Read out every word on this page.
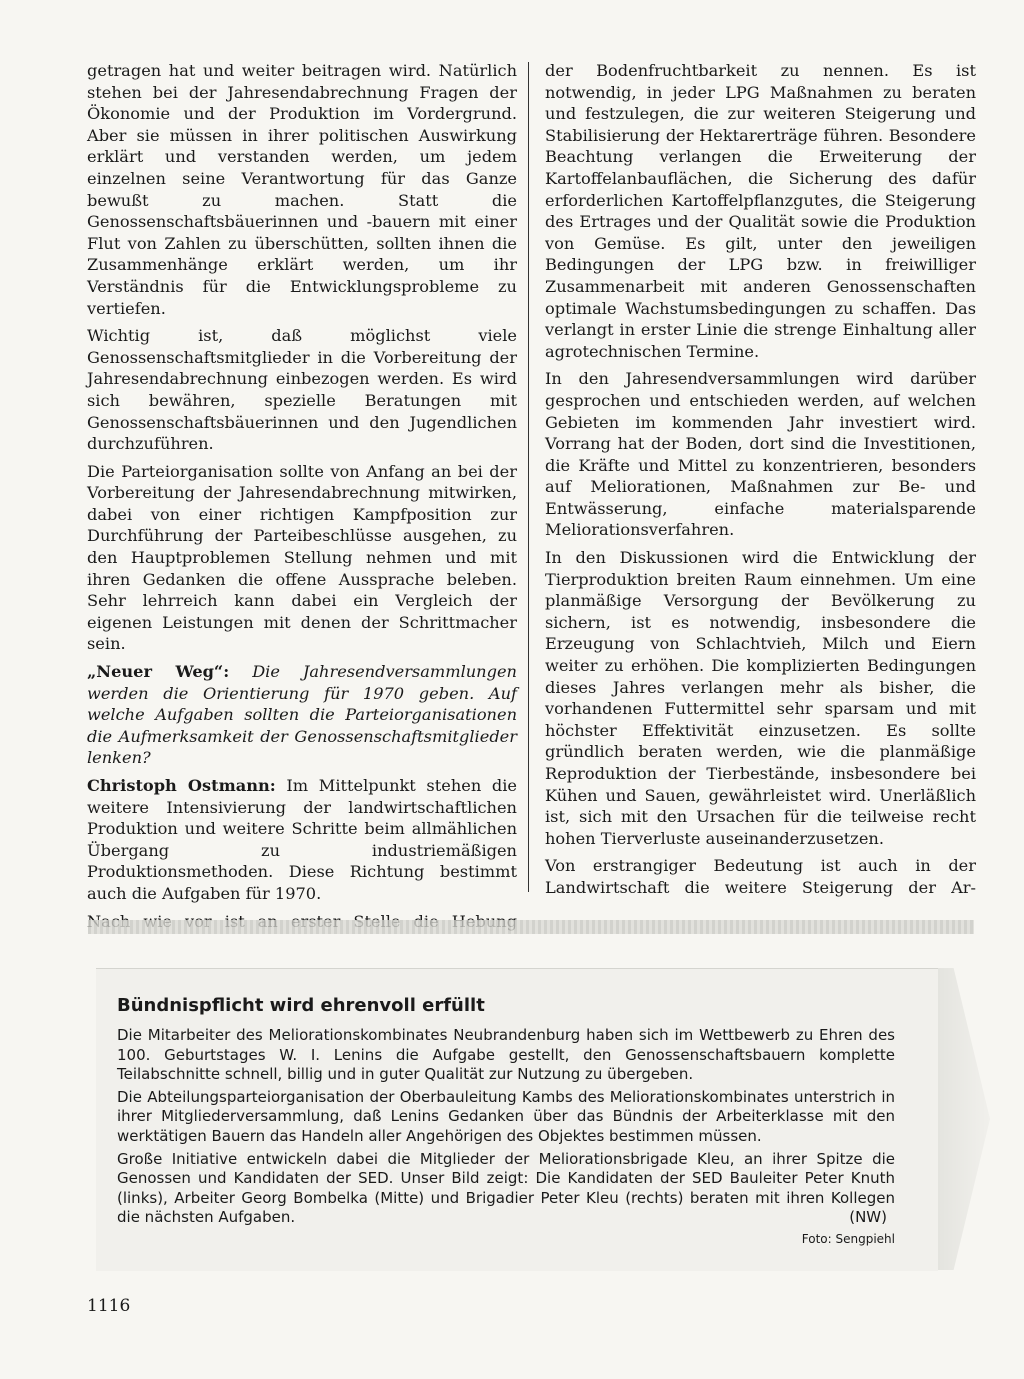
getragen hat und weiter beitragen wird. Natürlich stehen bei der Jahresendabrechnung Fragen der Ökonomie und der Produktion im Vordergrund. Aber sie müssen in ihrer politischen Auswirkung erklärt und verstanden werden, um jedem einzelnen seine Verantwortung für das Ganze bewußt zu machen. Statt die Genossenschaftsbäuerinnen und -bauern mit einer Flut von Zahlen zu überschütten, sollten ihnen die Zusammenhänge erklärt werden, um ihr Verständnis für die Entwicklungsprobleme zu vertiefen.

Wichtig ist, daß möglichst viele Genossenschaftsmitglieder in die Vorbereitung der Jahresendabrechnung einbezogen werden. Es wird sich bewähren, spezielle Beratungen mit Genossenschaftsbäuerinnen und den Jugendlichen durchzuführen.

Die Parteiorganisation sollte von Anfang an bei der Vorbereitung der Jahresendabrechnung mitwirken, dabei von einer richtigen Kampfposition zur Durchführung der Parteibeschlüsse ausgehen, zu den Hauptproblemen Stellung nehmen und mit ihren Gedanken die offene Aussprache beleben. Sehr lehrreich kann dabei ein Vergleich der eigenen Leistungen mit denen der Schrittmacher sein.

„Neuer Weg“: Die Jahresendversammlungen werden die Orientierung für 1970 geben. Auf welche Aufgaben sollten die Parteiorganisationen die Aufmerksamkeit der Genossenschaftsmitglieder lenken?

Christoph Ostmann: Im Mittelpunkt stehen die weitere Intensivierung der landwirtschaftlichen Produktion und weitere Schritte beim allmählichen Übergang zu industriemäßigen Produktionsmethoden. Diese Richtung bestimmt auch die Aufgaben für 1970.

der Bodenfruchtbarkeit zu nennen. Es ist notwendig, in jeder LPG Maßnahmen zu beraten und festzulegen, die zur weiteren Steigerung und Stabilisierung der Hektarerträge führen. Besondere Beachtung verlangen die Erweiterung der Kartoffelanbauflächen, die Sicherung des dafür erforderlichen Kartoffelpflanzgutes, die Steigerung des Ertrages und der Qualität sowie die Produktion von Gemüse. Es gilt, unter den jeweiligen Bedingungen der LPG bzw. in freiwilliger Zusammenarbeit mit anderen Genossenschaften optimale Wachstumsbedingungen zu schaffen. Das verlangt in erster Linie die strenge Einhaltung aller agrotechnischen Termine.

In den Jahresendversammlungen wird darüber gesprochen und entschieden werden, auf welchen Gebieten im kommenden Jahr investiert wird. Vorrang hat der Boden, dort sind die Investitionen, die Kräfte und Mittel zu konzentrieren, besonders auf Meliorationen, Maßnahmen zur Be- und Entwässerung, einfache materialsparende Meliorationsverfahren.

In den Diskussionen wird die Entwicklung der Tierproduktion breiten Raum einnehmen. Um eine planmäßige Versorgung der Bevölkerung zu sichern, ist es notwendig, insbesondere die Erzeugung von Schlachtvieh, Milch und Eiern weiter zu erhöhen. Die komplizierten Bedingungen dieses Jahres verlangen mehr als bisher, die vorhandenen Futtermittel sehr sparsam und mit höchster Effektivität einzusetzen. Es sollte gründlich beraten werden, wie die planmäßige Reproduktion der Tierbestände, insbesondere bei Kühen und Sauen, gewährleistet wird. Unerläßlich ist, sich mit den Ursachen für die teilweise recht hohen Tierverluste auseinanderzusetzen.

Von erstrangiger Bedeutung ist auch in der Landwirtschaft die weitere Steigerung der Ar-

Bündnispflicht wird ehrenvoll erfüllt

Die Mitarbeiter des Meliorationskombinates Neubrandenburg haben sich im Wettbewerb zu Ehren des 100. Geburtstages W. I. Lenins die Aufgabe gestellt, den Genossenschaftsbauern komplette Teilabschnitte schnell, billig und in guter Qualität zur Nutzung zu übergeben.

Die Abteilungsparteiorganisation der Oberbauleitung Kambs des Meliorationskombinates unterstrich in ihrer Mitgliederversammlung, daß Lenins Gedanken über das Bündnis der Arbeiterklasse mit den werktätigen Bauern das Handeln aller Angehörigen des Objektes bestimmen müssen.

Große Initiative entwickeln dabei die Mitglieder der Meliorationsbrigade Kleu, an ihrer Spitze die Genossen und Kandidaten der SED. Unser Bild zeigt: Die Kandidaten der SED Bauleiter Peter Knuth (links), Arbeiter Georg Bombelka (Mitte) und Brigadier Peter Kleu (rechts) beraten mit ihren Kollegen die nächsten Aufgaben.	(NW)

Foto: Sengpiehl
1116
